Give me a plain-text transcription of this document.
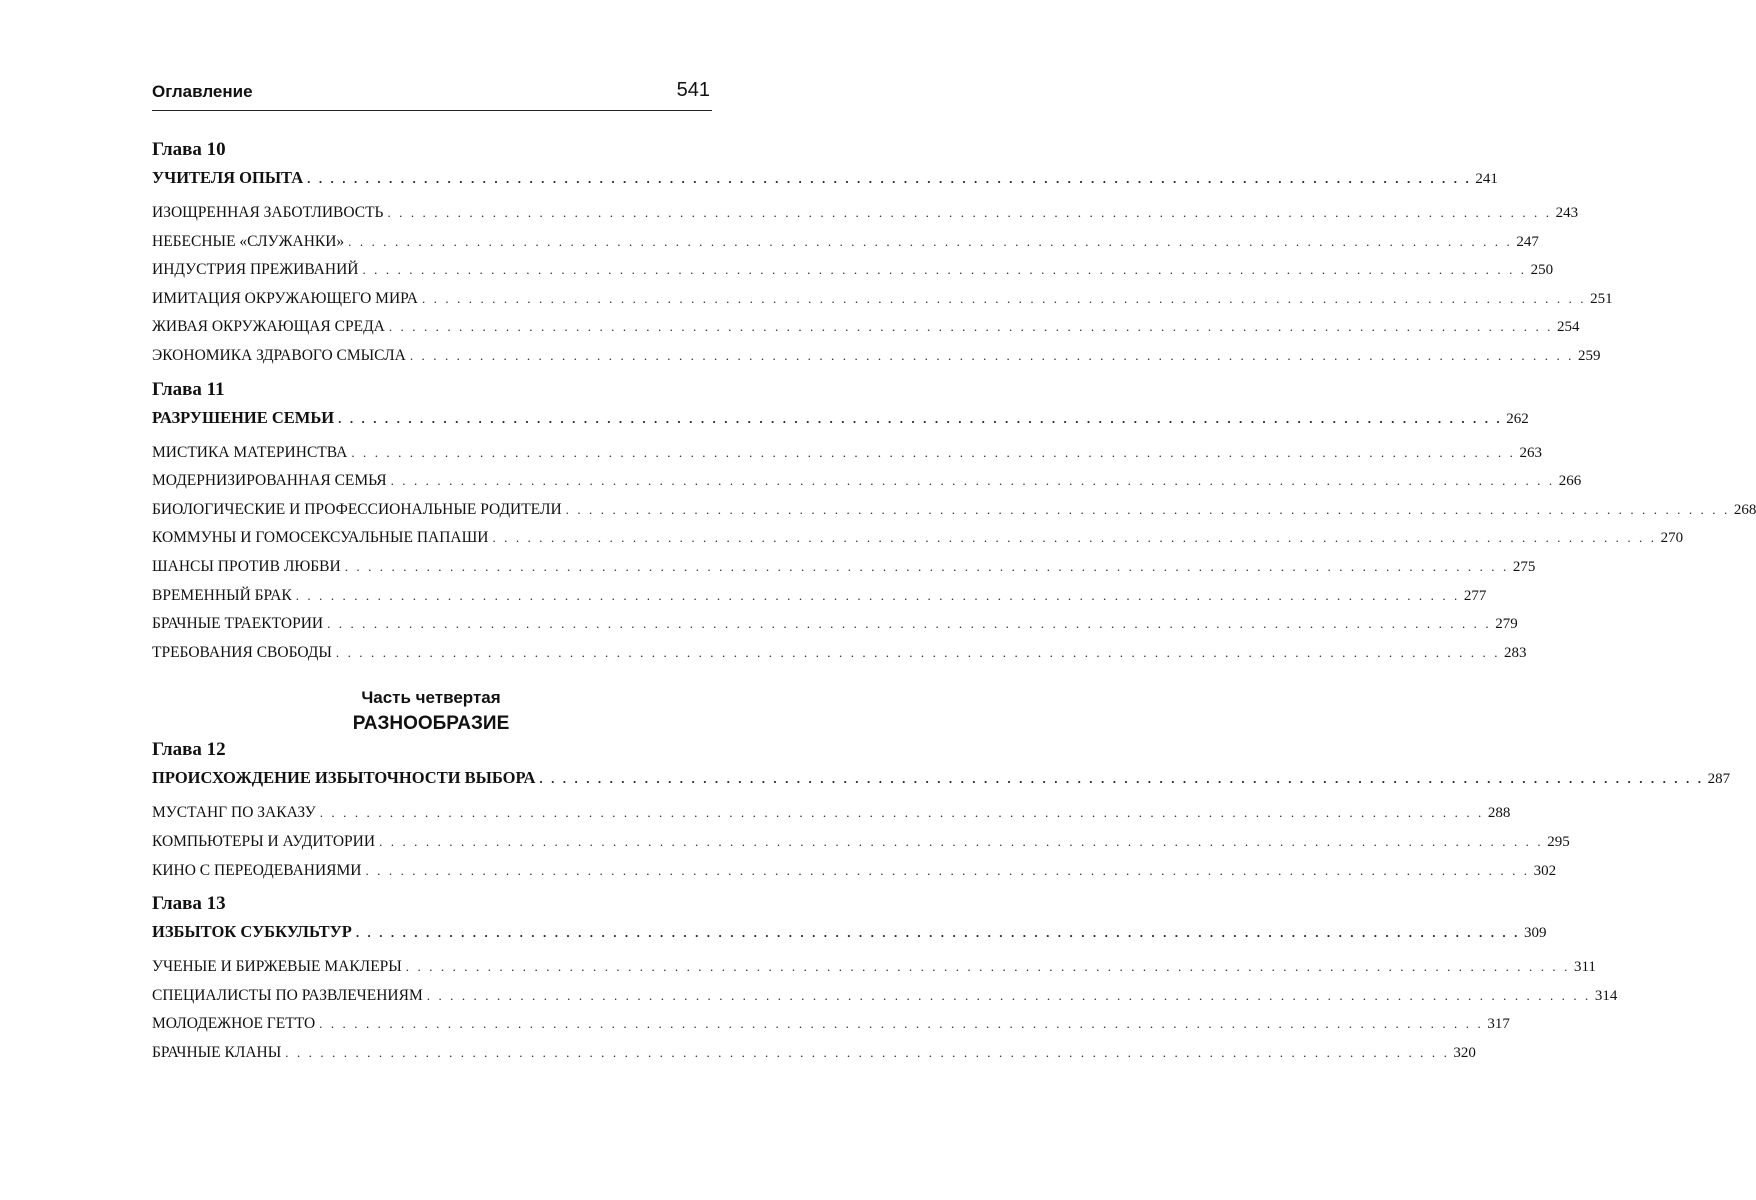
Оглавление	541
Глава 10
УЧИТЕЛЯ ОПЫТА . . . . . . . . . . . . . . . . . . . . . . . . . . . . . . . . . . . . . . . . . . . . . . . . . . . . . . . . . . . . . . . . . . . . . . . . . . . . . . . . . . . . . . . . . . . . . . . . . . . . 241
ИЗОЩРЕННАЯ ЗАБОТЛИВОСТЬ . . . . . . . . . . . . . . . . . . . . . . . . . . . . . . . . . . . . . . . . . . . . . . . . . . . . . . . . . . . . . . . . . . . . . . . . . . . . . . . . . . . . . . . . . . . . . . . . . . . . 243
НЕБЕСНЫЕ «СЛУЖАНКИ» . . . . . . . . . . . . . . . . . . . . . . . . . . . . . . . . . . . . . . . . . . . . . . . . . . . . . . . . . . . . . . . . . . . . . . . . . . . . . . . . . . . . . . . . . . . . . . . . . . . . 247
ИНДУСТРИЯ ПРЕЖИВАНИЙ . . . . . . . . . . . . . . . . . . . . . . . . . . . . . . . . . . . . . . . . . . . . . . . . . . . . . . . . . . . . . . . . . . . . . . . . . . . . . . . . . . . . . . . . . . . . . . . . . . . . 250
ИМИТАЦИЯ ОКРУЖАЮЩЕГО МИРА . . . . . . . . . . . . . . . . . . . . . . . . . . . . . . . . . . . . . . . . . . . . . . . . . . . . . . . . . . . . . . . . . . . . . . . . . . . . . . . . . . . . . . . . . . . . . . . . . . . . 251
ЖИВАЯ ОКРУЖАЮЩАЯ СРЕДА . . . . . . . . . . . . . . . . . . . . . . . . . . . . . . . . . . . . . . . . . . . . . . . . . . . . . . . . . . . . . . . . . . . . . . . . . . . . . . . . . . . . . . . . . . . . . . . . . . . . 254
ЭКОНОМИКА ЗДРАВОГО СМЫСЛА . . . . . . . . . . . . . . . . . . . . . . . . . . . . . . . . . . . . . . . . . . . . . . . . . . . . . . . . . . . . . . . . . . . . . . . . . . . . . . . . . . . . . . . . . . . . . . . . . . . . 259
Глава 11
РАЗРУШЕНИЕ СЕМЬИ . . . . . . . . . . . . . . . . . . . . . . . . . . . . . . . . . . . . . . . . . . . . . . . . . . . . . . . . . . . . . . . . . . . . . . . . . . . . . . . . . . . . . . . . . . . . . . . . . . . . 262
МИСТИКА МАТЕРИНСТВА . . . . . . . . . . . . . . . . . . . . . . . . . . . . . . . . . . . . . . . . . . . . . . . . . . . . . . . . . . . . . . . . . . . . . . . . . . . . . . . . . . . . . . . . . . . . . . . . . . . . 263
МОДЕРНИЗИРОВАННАЯ СЕМЬЯ . . . . . . . . . . . . . . . . . . . . . . . . . . . . . . . . . . . . . . . . . . . . . . . . . . . . . . . . . . . . . . . . . . . . . . . . . . . . . . . . . . . . . . . . . . . . . . . . . . . . 266
БИОЛОГИЧЕСКИЕ И ПРОФЕССИОНАЛЬНЫЕ РОДИТЕЛИ . . . . . . . . . . . . . . . . . . . . . . . . . . . . . . . . . . . . . . . . . . . . . . . . . . . . . . . . . . . . . . . . . . . . . . . . . . . . . . . . . . . . . . . . . . . . . . . . . . . . 268
КОММУНЫ И ГОМОСЕКСУАЛЬНЫЕ ПАПАШИ . . . . . . . . . . . . . . . . . . . . . . . . . . . . . . . . . . . . . . . . . . . . . . . . . . . . . . . . . . . . . . . . . . . . . . . . . . . . . . . . . . . . . . . . . . . . . . . . . . . . 270
ШАНСЫ ПРОТИВ ЛЮБВИ . . . . . . . . . . . . . . . . . . . . . . . . . . . . . . . . . . . . . . . . . . . . . . . . . . . . . . . . . . . . . . . . . . . . . . . . . . . . . . . . . . . . . . . . . . . . . . . . . . . . 275
ВРЕМЕННЫЙ БРАК . . . . . . . . . . . . . . . . . . . . . . . . . . . . . . . . . . . . . . . . . . . . . . . . . . . . . . . . . . . . . . . . . . . . . . . . . . . . . . . . . . . . . . . . . . . . . . . . . . . . 277
БРАЧНЫЕ ТРАЕКТОРИИ . . . . . . . . . . . . . . . . . . . . . . . . . . . . . . . . . . . . . . . . . . . . . . . . . . . . . . . . . . . . . . . . . . . . . . . . . . . . . . . . . . . . . . . . . . . . . . . . . . . . 279
ТРЕБОВАНИЯ СВОБОДЫ . . . . . . . . . . . . . . . . . . . . . . . . . . . . . . . . . . . . . . . . . . . . . . . . . . . . . . . . . . . . . . . . . . . . . . . . . . . . . . . . . . . . . . . . . . . . . . . . . . . . 283
Часть четвертая
РАЗНООБРАЗИЕ
Глава 12
ПРОИСХОЖДЕНИЕ ИЗБЫТОЧНОСТИ ВЫБОРА . . . . . . . . . . . . . . . . . . . . . . . . . . . . . . . . . . . . . . . . . . . . . . . . . . . . . . . . . . . . . . . . . . . . . . . . . . . . . . . . . . . . . . . . . . . . . . . . . . . . 287
МУСТАНГ ПО ЗАКАЗУ . . . . . . . . . . . . . . . . . . . . . . . . . . . . . . . . . . . . . . . . . . . . . . . . . . . . . . . . . . . . . . . . . . . . . . . . . . . . . . . . . . . . . . . . . . . . . . . . . . . . 288
КОМПЬЮТЕРЫ И АУДИТОРИИ . . . . . . . . . . . . . . . . . . . . . . . . . . . . . . . . . . . . . . . . . . . . . . . . . . . . . . . . . . . . . . . . . . . . . . . . . . . . . . . . . . . . . . . . . . . . . . . . . . . . 295
КИНО С ПЕРЕОДЕВАНИЯМИ . . . . . . . . . . . . . . . . . . . . . . . . . . . . . . . . . . . . . . . . . . . . . . . . . . . . . . . . . . . . . . . . . . . . . . . . . . . . . . . . . . . . . . . . . . . . . . . . . . . . 302
Глава 13
ИЗБЫТОК СУБКУЛЬТУР . . . . . . . . . . . . . . . . . . . . . . . . . . . . . . . . . . . . . . . . . . . . . . . . . . . . . . . . . . . . . . . . . . . . . . . . . . . . . . . . . . . . . . . . . . . . . . . . . . . . 309
УЧЕНЫЕ И БИРЖЕВЫЕ МАКЛЕРЫ . . . . . . . . . . . . . . . . . . . . . . . . . . . . . . . . . . . . . . . . . . . . . . . . . . . . . . . . . . . . . . . . . . . . . . . . . . . . . . . . . . . . . . . . . . . . . . . . . . . . 311
СПЕЦИАЛИСТЫ ПО РАЗВЛЕЧЕНИЯМ . . . . . . . . . . . . . . . . . . . . . . . . . . . . . . . . . . . . . . . . . . . . . . . . . . . . . . . . . . . . . . . . . . . . . . . . . . . . . . . . . . . . . . . . . . . . . . . . . . . . 314
МОЛОДЕЖНОЕ ГЕТТО . . . . . . . . . . . . . . . . . . . . . . . . . . . . . . . . . . . . . . . . . . . . . . . . . . . . . . . . . . . . . . . . . . . . . . . . . . . . . . . . . . . . . . . . . . . . . . . . . . . . 317
БРАЧНЫЕ КЛАНЫ . . . . . . . . . . . . . . . . . . . . . . . . . . . . . . . . . . . . . . . . . . . . . . . . . . . . . . . . . . . . . . . . . . . . . . . . . . . . . . . . . . . . . . . . . . . . . . . . . . . . 320
